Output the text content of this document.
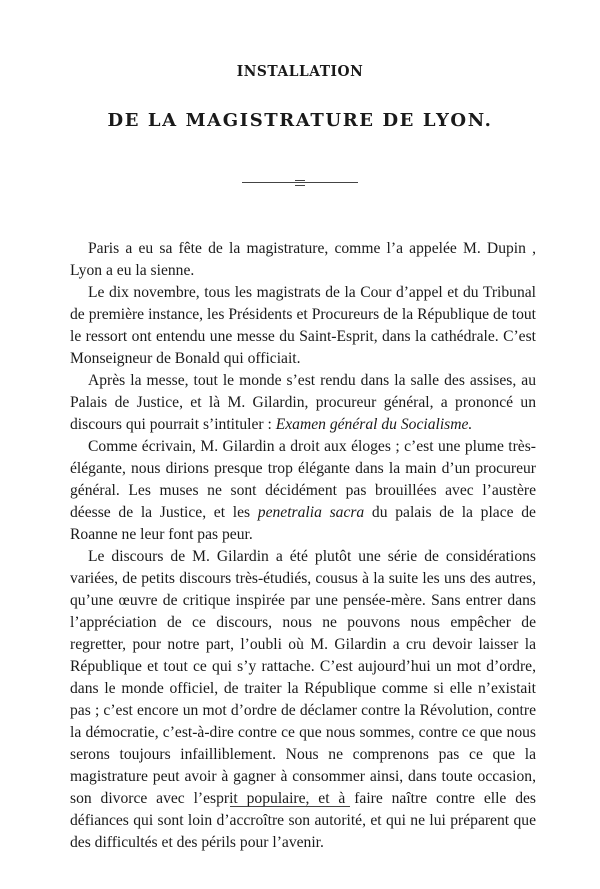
INSTALLATION
DE LA MAGISTRATURE DE LYON.

Paris a eu sa fête de la magistrature, comme l’a appelée M. Dupin , Lyon a eu la sienne.

Le dix novembre, tous les magistrats de la Cour d’appel et du Tribunal de première instance, les Présidents et Procureurs de la République de tout le ressort ont entendu une messe du Saint-Esprit, dans la cathédrale. C’est Monseigneur de Bonald qui officiait.

Après la messe, tout le monde s’est rendu dans la salle des assises, au Palais de Justice, et là M. Gilardin, procureur général, a prononcé un discours qui pourrait s’intituler : Examen général du Socialisme.

Comme écrivain, M. Gilardin a droit aux éloges ; c’est une plume très-élégante, nous dirions presque trop élégante dans la main d’un procureur général. Les muses ne sont décidément pas brouillées avec l’austère déesse de la Justice, et les penetralia sacra du palais de la place de Roanne ne leur font pas peur.

Le discours de M. Gilardin a été plutôt une série de considérations variées, de petits discours très-étudiés, cousus à la suite les uns des autres, qu’une œuvre de critique inspirée par une pensée-mère. Sans entrer dans l’appréciation de ce discours, nous ne pouvons nous empêcher de regretter, pour notre part, l’oubli où M. Gilardin a cru devoir laisser la République et tout ce qui s’y rattache. C’est aujourd’hui un mot d’ordre, dans le monde officiel, de traiter la République comme si elle n’existait pas ; c’est encore un mot d’ordre de déclamer contre la Révolution, contre la démocratie, c’est-à-dire contre ce que nous sommes, contre ce que nous serons toujours infailliblement. Nous ne comprenons pas ce que la magistrature peut avoir à gagner à consommer ainsi, dans toute occasion, son divorce avec l’esprit populaire, et à faire naître contre elle des défiances qui sont loin d’accroître son autorité, et qui ne lui préparent que des difficultés et des périls pour l’avenir.
